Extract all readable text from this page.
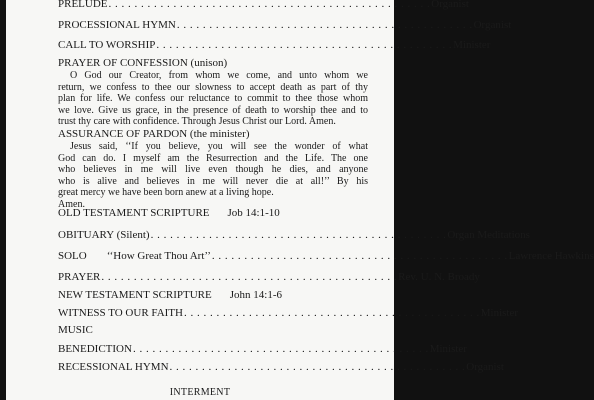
PRELUDE . . . . . . . . . . . . . . . . . . . . . . . . . . . . . . . . . . . . . . . . . . . . . . . . . . Organist
PROCESSIONAL HYMN . . . . . . . . . . . . . . . . . . . . . . . . . . . . . . . . . . . . . . . . . . . . . . Organist
CALL TO WORSHIP . . . . . . . . . . . . . . . . . . . . . . . . . . . . . . . . . . . . . . . . . . . . . . Minister
PRAYER OF CONFESSION (unison)
O God our Creator, from whom we come, and unto whom we
return, we confess to thee our slowness to accept death as part of thy
plan for life. We confess our reluctance to commit to thee those whom
we love. Give us grace, in the presence of death to worship thee and to
trust thy care with confidence. Through Jesus Christ our Lord. Amen.
ASSURANCE OF PARDON (the minister)
Jesus said, ‘‘If you believe, you will see the wonder of what
God can do. I myself am the Resurrection and the Life. The one
who believes in me will live even though he dies, and anyone
who is alive and believes in me will never die at all!’’ By his
great mercy we have been born anew at a living hope.
Amen.
OLD TESTAMENT SCRIPTURE Job 14:1-10
OBITUARY (Silent) . . . . . . . . . . . . . . . . . . . . . . . . . . . . . . . . . . . . . . . . . . . . . . Organ Meditations
SOLO ‘‘How Great Thou Art’’ . . . . . . . . . . . . . . . . . . . . . . . . . . . . . . . . . . . . . . . . . . . . . . Lawrence Hawkins
PRAYER . . . . . . . . . . . . . . . . . . . . . . . . . . . . . . . . . . . . . . . . . . . . . . Rev. U. N. Broady
NEW TESTAMENT SCRIPTURE John 14:1-6
WITNESS TO OUR FAITH . . . . . . . . . . . . . . . . . . . . . . . . . . . . . . . . . . . . . . . . . . . . . . Minister
MUSIC
BENEDICTION . . . . . . . . . . . . . . . . . . . . . . . . . . . . . . . . . . . . . . . . . . . . . . Minister
RECESSIONAL HYMN . . . . . . . . . . . . . . . . . . . . . . . . . . . . . . . . . . . . . . . . . . . . . . Organist
INTERMENT
